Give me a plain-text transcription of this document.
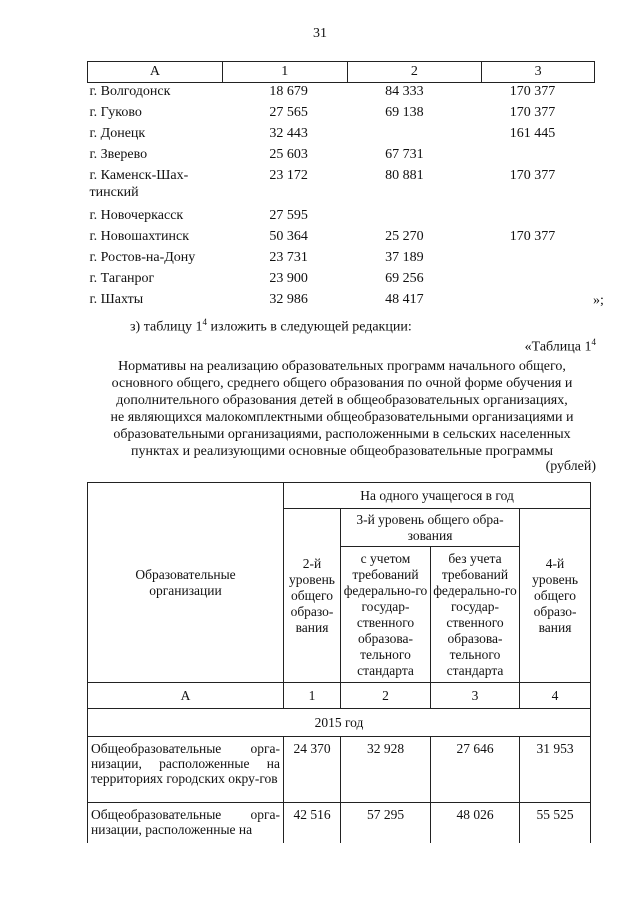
31
А	1	2	3
г. Волгодонск	18 679	84 333	170 377
г. Гуково	27 565	69 138	170 377
г. Донецк	32 443		161 445
г. Зверево	25 603	67 731	
г. Каменск-Шах-
тинский	23 172	80 881	170 377
г. Новочеркасск	27 595		
г. Новошахтинск	50 364	25 270	170 377
г. Ростов-на-Дону	23 731	37 189	
г. Таганрог	23 900	69 256	
г. Шахты	32 986	48 417		»;
з) таблицу $1^4$ изложить в следующей редакции:
«Таблица $1^4$
Нормативы на реализацию образовательных программ начального общего,
основного общего, среднего общего образования по очной форме обучения и
дополнительного образования детей в общеобразовательных организациях,
не являющихся малокомплектными общеобразовательными организациями и
образовательными организациями, расположенными в сельских населенных
пунктах и реализующими основные общеобразовательные программы
(рублей)
Образовательные организации	На одного учащегося в год			
	2-й уровень общего образо-вания	3-й уровень общего обра-зования		4-й уровень общего образо-вания
		с учетом требований федерально-го государ-ственного образова-тельного стандарта	без учета требований федерально-го государ-ственного образова-тельного стандарта	
А	1	2	3	4
2015 год				
Общеобразовательные орга-низации, расположенные на территориях городских окру-гов	24 370	32 928	27 646	31 953
Общеобразовательные орга-низации, расположенные на	42 516	57 295	48 026	55 525
